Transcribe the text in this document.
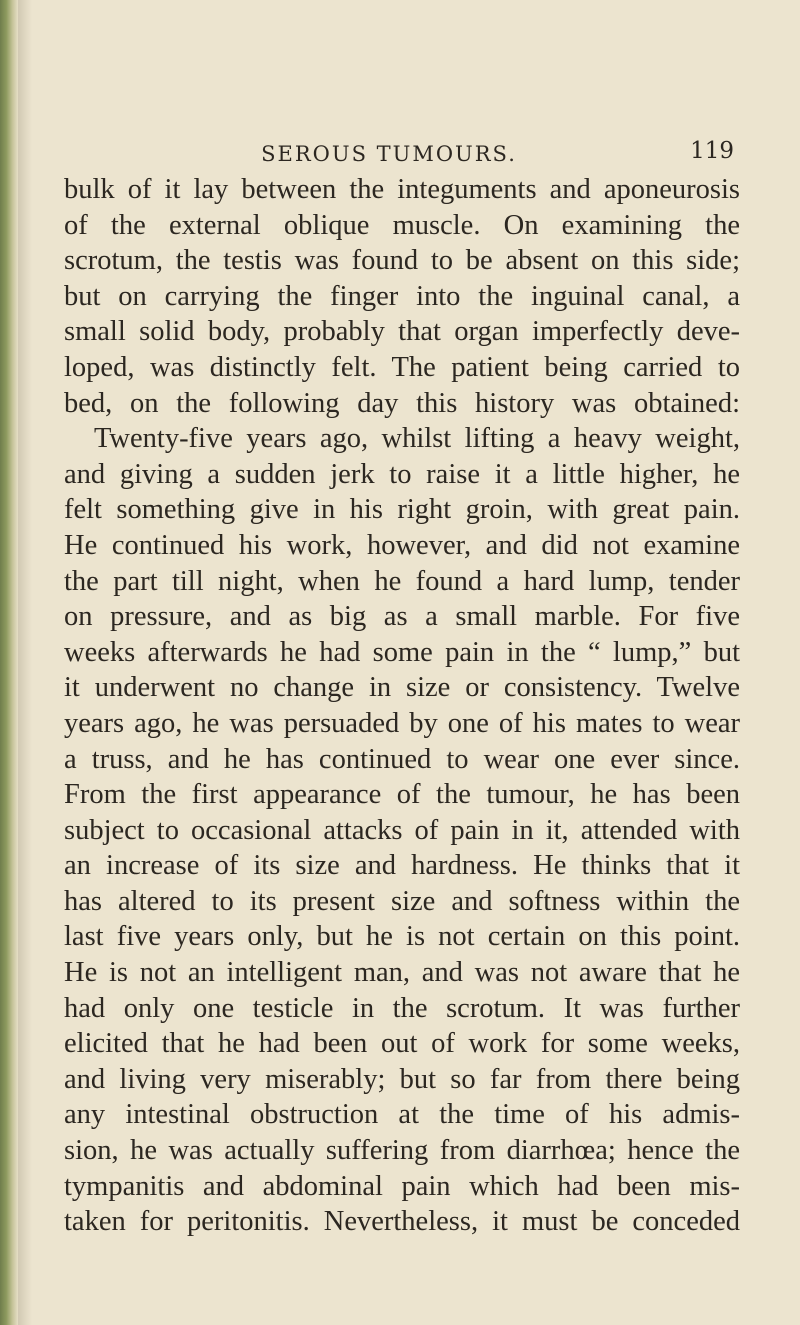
SEROUS TUMOURS.	119
bulk of it lay between the integuments and aponeurosis
of the external oblique muscle. On examining the
scrotum, the testis was found to be absent on this side;
but on carrying the finger into the inguinal canal, a
small solid body, probably that organ imperfectly deve-
loped, was distinctly felt. The patient being carried to
bed, on the following day this history was obtained:
Twenty-five years ago, whilst lifting a heavy weight,
and giving a sudden jerk to raise it a little higher, he
felt something give in his right groin, with great pain.
He continued his work, however, and did not examine
the part till night, when he found a hard lump, tender
on pressure, and as big as a small marble. For five
weeks afterwards he had some pain in the “ lump,” but
it underwent no change in size or consistency. Twelve
years ago, he was persuaded by one of his mates to wear
a truss, and he has continued to wear one ever since.
From the first appearance of the tumour, he has been
subject to occasional attacks of pain in it, attended with
an increase of its size and hardness. He thinks that it
has altered to its present size and softness within the
last five years only, but he is not certain on this point.
He is not an intelligent man, and was not aware that he
had only one testicle in the scrotum. It was further
elicited that he had been out of work for some weeks,
and living very miserably; but so far from there being
any intestinal obstruction at the time of his admis-
sion, he was actually suffering from diarrhœa; hence the
tympanitis and abdominal pain which had been mis-
taken for peritonitis. Nevertheless, it must be conceded
